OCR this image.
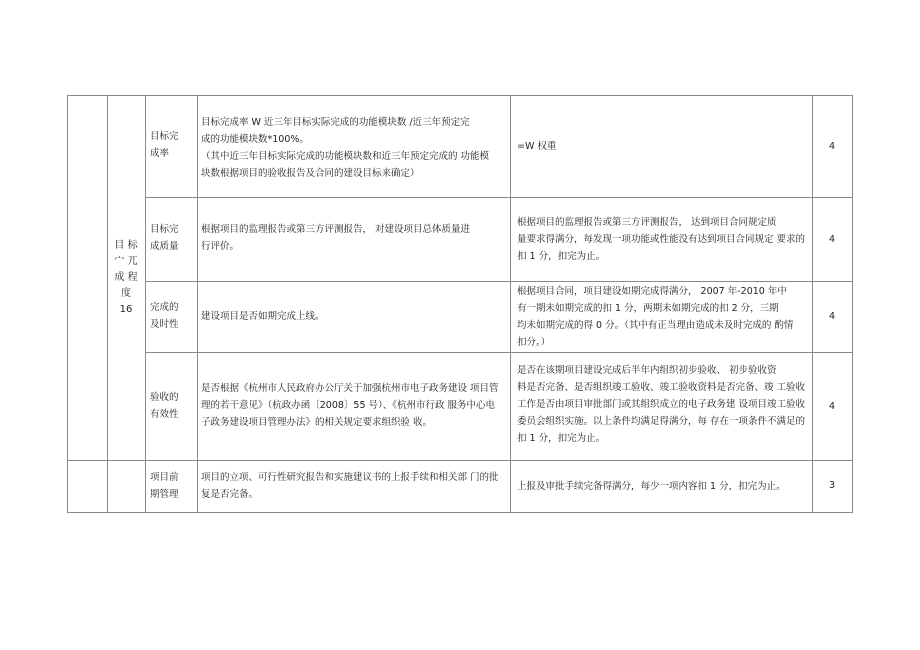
目 标
宀 兀
成 程
度
16
目标完
成率
目标完成率 W 近三年目标实际完成的功能模块数 /近三年预定完
成的功能模块数*100%。
（其中近三年目标实际完成的功能模块数和近三年预定完成的 功能模
块数根据项目的验收报告及合同的建设目标来确定）
=W 权重	4
目标完
成质量
根据项目的监理报告或第三方评测报告， 对建设项目总体质量进
行评价。
根据项目的监理报告或第三方评测报告， 达到项目合同规定质
量要求得满分，每发现一项功能或性能没有达到项目合同规定 要求的
扣 1 分，扣完为止。
4
完成的
及时性
建设项目是否如期完成上线。
根据项目合同，项目建设如期完成得满分， 2007 年-2010 年中
有一期未如期完成的扣 1 分，两期未如期完成的扣 2 分，三期
均未如期完成的得 0 分。（其中有正当理由造成未及时完成的 酌情
扣分。）
4
验收的
有效性
是否根据《杭州市人民政府办公厅关于加强杭州市电子政务建设 项目管
理的若干意见》（杭政办函〔2008〕55 号）、《杭州市行政 服务中心电
子政务建设项目管理办法》的相关规定要求组织验 收。
是否在该期项目建设完成后半年内组织初步验收、 初步验收资
料是否完备、是否组织竣工验收、竣工验收资料是否完备、竣 工验收
工作是否由项目审批部门或其组织成立的电子政务建 设项目竣工验收
委员会组织实施。以上条件均满足得满分，每 存在一项条件不满足的
扣 1 分，扣完为止。
4
项目前
期管理
项目的立项、可行性研究报告和实施建议书的上报手续和相关部 门的批
复是否完备。
上报及审批手续完备得满分，每少一项内容扣 1 分，扣完为止。	3
